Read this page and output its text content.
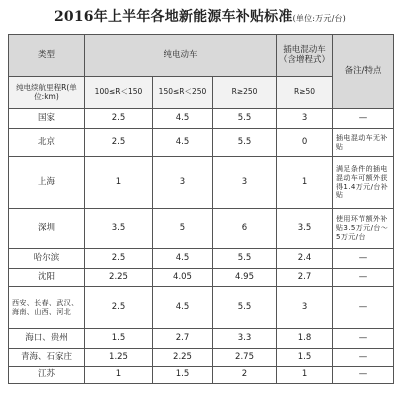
2016年上半年各地新能源车补贴标准(单位:万元/台)
类型	纯电动车			插电混动车（含增程式）	备注/特点
纯电续航里程R(单位:km)	100≤R＜150	150≤R＜250	R≥250	R≥50	
国家	2.5	4.5	5.5	3	—
北京	2.5	4.5	5.5	0	插电混动车无补贴
上海	1	3	3	1	满足条件的插电混动车可额外获得1.4万元/台补贴
深圳	3.5	5	6	3.5	使用环节额外补贴3.5万元/台～5万元/台
哈尔滨	2.5	4.5	5.5	2.4	—
沈阳	2.25	4.05	4.95	2.7	—
西安、长春、武汉、海南、山西、河北	2.5	4.5	5.5	3	—
海口、贵州	1.5	2.7	3.3	1.8	—
青海、石家庄	1.25	2.25	2.75	1.5	—
江苏	1	1.5	2	1	—
